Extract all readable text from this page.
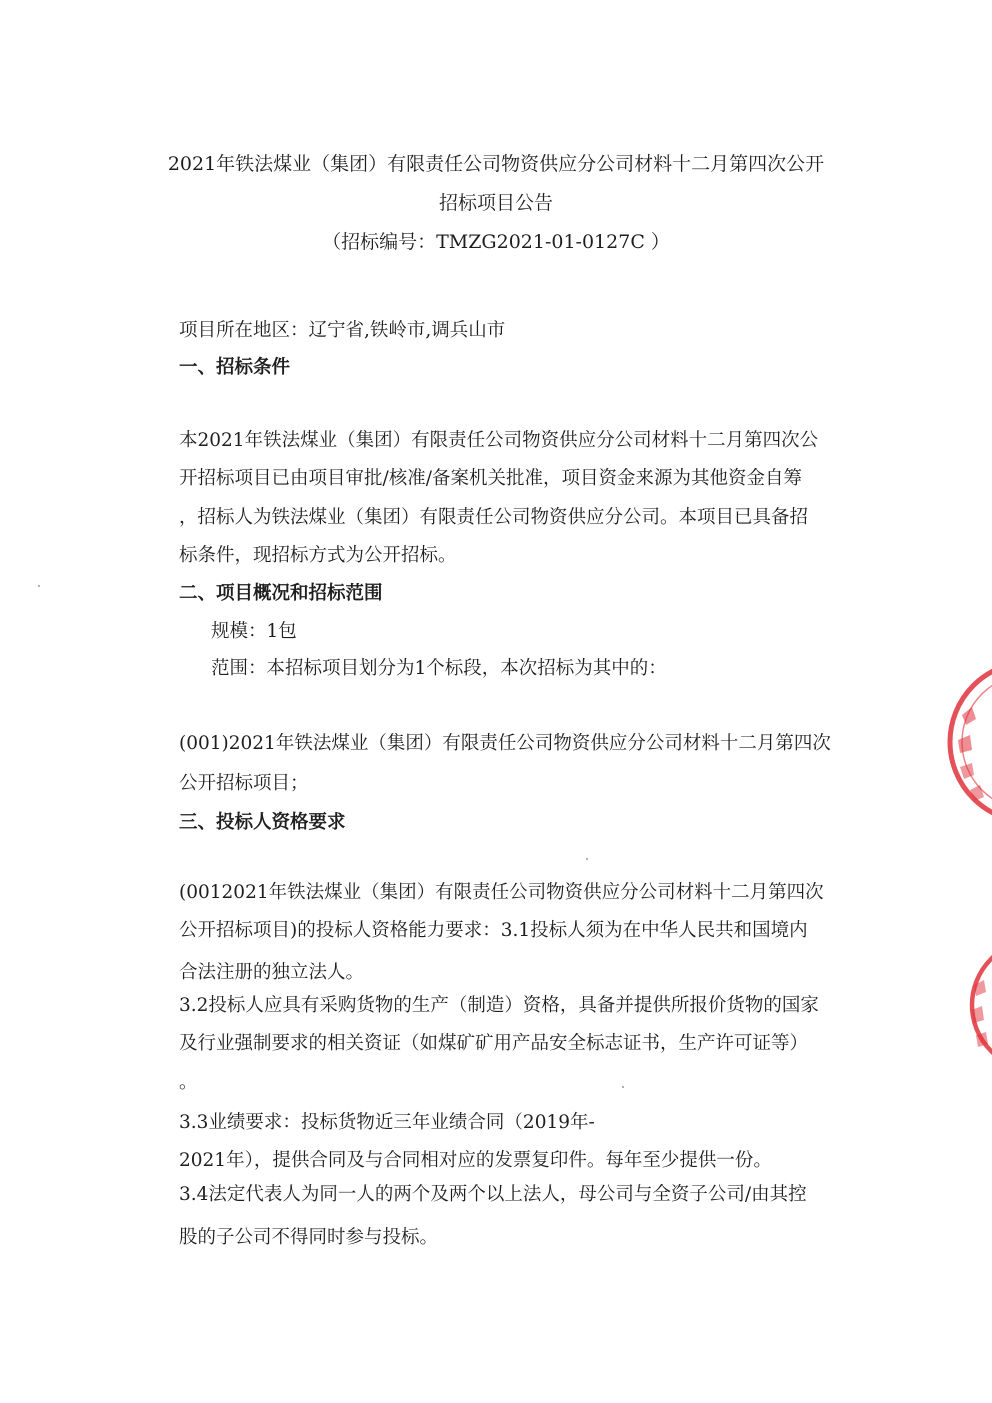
2021年铁法煤业（集团）有限责任公司物资供应分公司材料十二月第四次公开
招标项目公告
（招标编号：TMZG2021-01-0127C ）
项目所在地区：辽宁省,铁岭市,调兵山市
一、招标条件
本2021年铁法煤业（集团）有限责任公司物资供应分公司材料十二月第四次公
开招标项目已由项目审批/核准/备案机关批准，项目资金来源为其他资金自筹
，招标人为铁法煤业（集团）有限责任公司物资供应分公司。本项目已具备招
标条件，现招标方式为公开招标。
二、项目概况和招标范围
规模：1包
范围：本招标项目划分为1个标段，本次招标为其中的：
(001)2021年铁法煤业（集团）有限责任公司物资供应分公司材料十二月第四次
公开招标项目；
三、投标人资格要求
(0012021年铁法煤业（集团）有限责任公司物资供应分公司材料十二月第四次
公开招标项目)的投标人资格能力要求：3.1投标人须为在中华人民共和国境内
合法注册的独立法人。
3.2投标人应具有采购货物的生产（制造）资格，具备并提供所报价货物的国家
及行业强制要求的相关资证（如煤矿矿用产品安全标志证书，生产许可证等）
。
3.3业绩要求：投标货物近三年业绩合同（2019年-
2021年），提供合同及与合同相对应的发票复印件。每年至少提供一份。
3.4法定代表人为同一人的两个及两个以上法人，母公司与全资子公司/由其控
股的子公司不得同时参与投标。
